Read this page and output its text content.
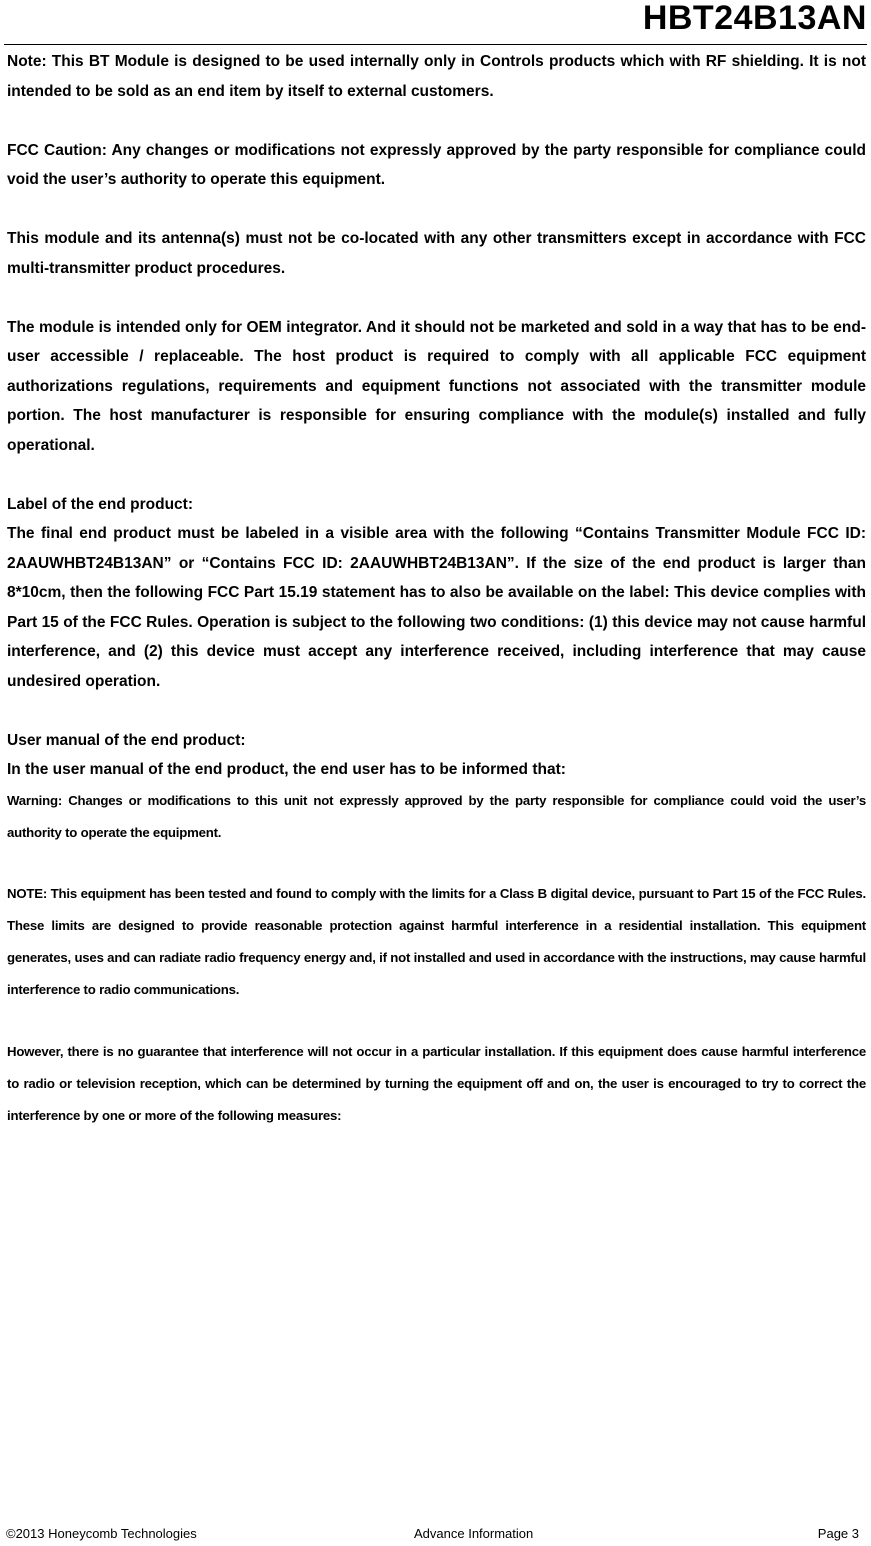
HBT24B13AN

Note: This BT Module is designed to be used internally only in Controls products which with RF shielding. It is not intended to be sold as an end item by itself to external customers.

FCC Caution: Any changes or modifications not expressly approved by the party responsible for compliance could void the user’s authority to operate this equipment.

This module and its antenna(s) must not be co-located with any other transmitters except in accordance with FCC multi-transmitter product procedures.

The module is intended only for OEM integrator. And it should not be marketed and sold in a way that has to be end-user accessible / replaceable. The host product is required to comply with all applicable FCC equipment authorizations regulations, requirements and equipment functions not associated with the transmitter module portion. The host manufacturer is responsible for ensuring compliance with the module(s) installed and fully operational.

Label of the end product:

The final end product must be labeled in a visible area with the following “Contains Transmitter Module FCC ID: 2AAUWHBT24B13AN” or “Contains FCC ID: 2AAUWHBT24B13AN”. If the size of the end product is larger than 8*10cm, then the following FCC Part 15.19 statement has to also be available on the label: This device complies with Part 15 of the FCC Rules. Operation is subject to the following two conditions: (1) this device may not cause harmful interference, and (2) this device must accept any interference received, including interference that may cause undesired operation.

User manual of the end product:

In the user manual of the end product, the end user has to be informed that:

Warning: Changes or modifications to this unit not expressly approved by the party responsible for compliance could void the user’s authority to operate the equipment.

NOTE: This equipment has been tested and found to comply with the limits for a Class B digital device, pursuant to Part 15 of the FCC Rules. These limits are designed to provide reasonable protection against harmful interference in a residential installation. This equipment generates, uses and can radiate radio frequency energy and, if not installed and used in accordance with the instructions, may cause harmful interference to radio communications.

However, there is no guarantee that interference will not occur in a particular installation. If this equipment does cause harmful interference to radio or television reception, which can be determined by turning the equipment off and on, the user is encouraged to try to correct the interference by one or more of the following measures:

©2013 Honeycomb Technologies	Advance Information	Page 3
